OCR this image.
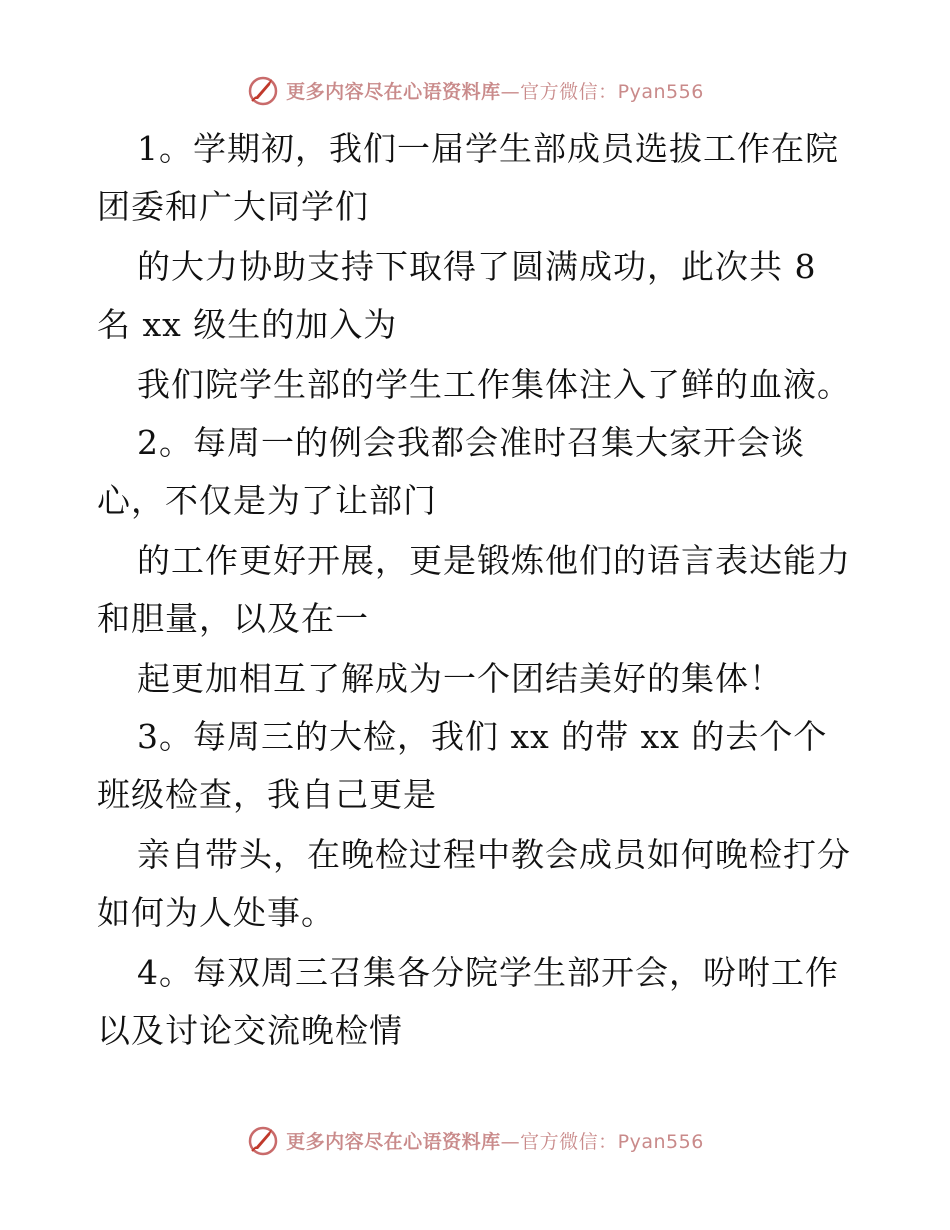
更多内容尽在心语资料库—官方微信：Pyan556
1。学期初，我们一届学生部成员选拔工作在院
团委和广大同学们
的大力协助支持下取得了圆满成功，此次共 8
名 xx 级生的加入为
我们院学生部的学生工作集体注入了鲜的血液。
2。每周一的例会我都会准时召集大家开会谈
心，不仅是为了让部门
的工作更好开展，更是锻炼他们的语言表达能力
和胆量，以及在一
起更加相互了解成为一个团结美好的集体！
3。每周三的大检，我们 xx 的带 xx 的去个个
班级检查，我自己更是
亲自带头，在晚检过程中教会成员如何晚检打分
如何为人处事。
4。每双周三召集各分院学生部开会，吩咐工作
以及讨论交流晚检情
更多内容尽在心语资料库—官方微信：Pyan556
